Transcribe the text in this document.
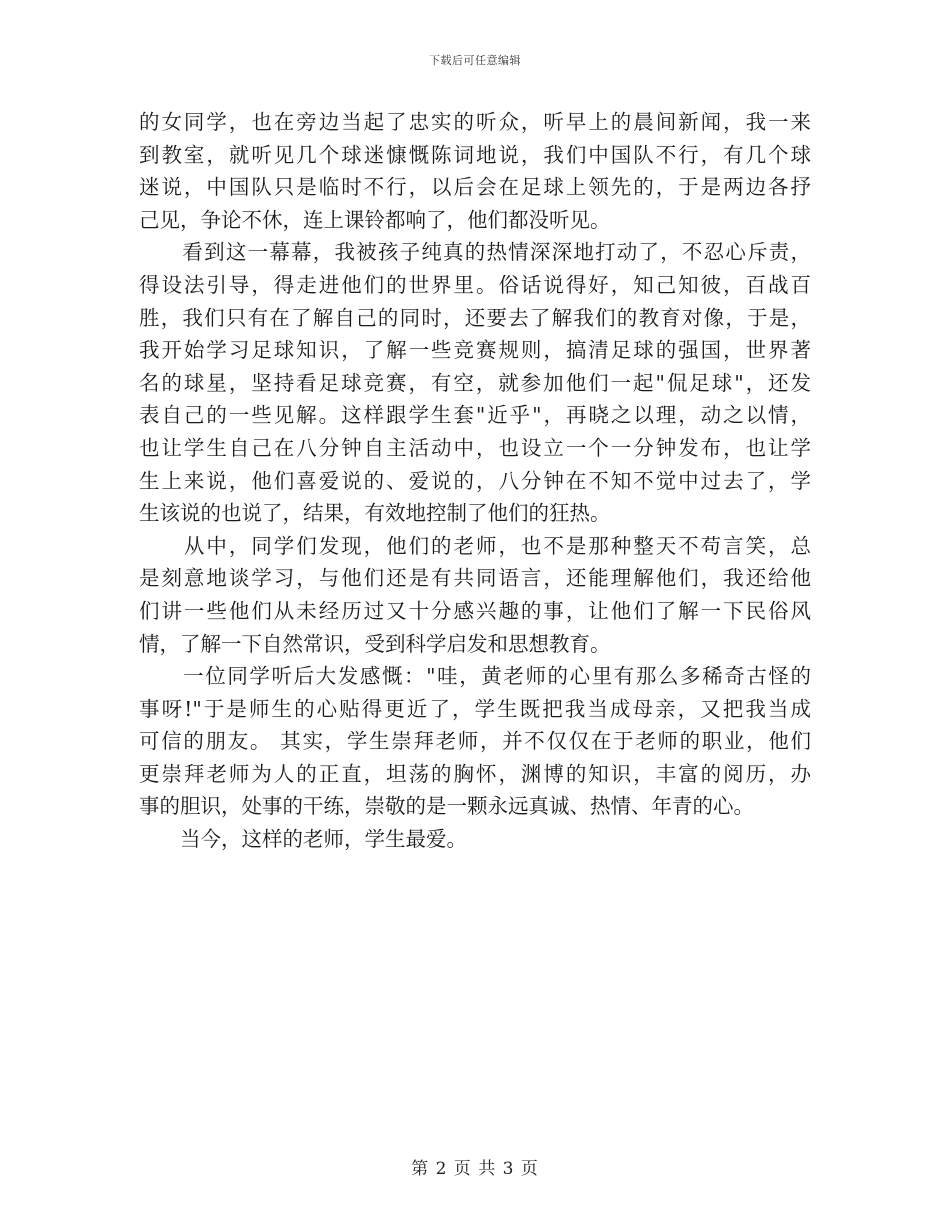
下载后可任意编辑
的女同学，也在旁边当起了忠实的听众，听早上的晨间新闻，我一来
到教室，就听见几个球迷慷慨陈词地说，我们中国队不行，有几个球
迷说，中国队只是临时不行，以后会在足球上领先的，于是两边各抒
己见，争论不休，连上课铃都响了，他们都没听见。
　　看到这一幕幕，我被孩子纯真的热情深深地打动了，不忍心斥责，
得设法引导，得走进他们的世界里。俗话说得好，知己知彼，百战百
胜，我们只有在了解自己的同时，还要去了解我们的教育对像，于是，
我开始学习足球知识，了解一些竞赛规则，搞清足球的强国，世界著
名的球星，坚持看足球竞赛，有空，就参加他们一起"侃足球"，还发
表自己的一些见解。这样跟学生套"近乎"，再晓之以理，动之以情，
也让学生自己在八分钟自主活动中，也设立一个一分钟发布，也让学
生上来说，他们喜爱说的、爱说的，八分钟在不知不觉中过去了，学
生该说的也说了，结果，有效地控制了他们的狂热。
　　从中，同学们发现，他们的老师，也不是那种整天不苟言笑，总
是刻意地谈学习，与他们还是有共同语言，还能理解他们，我还给他
们讲一些他们从未经历过又十分感兴趣的事，让他们了解一下民俗风
情，了解一下自然常识，受到科学启发和思想教育。
　　一位同学听后大发感慨："哇，黄老师的心里有那么多稀奇古怪的
事呀!"于是师生的心贴得更近了，学生既把我当成母亲，又把我当成
可信的朋友。 其实，学生崇拜老师，并不仅仅在于老师的职业，他们
更崇拜老师为人的正直，坦荡的胸怀，渊博的知识，丰富的阅历，办
事的胆识，处事的干练，崇敬的是一颗永远真诚、热情、年青的心。
　　当今，这样的老师，学生最爱。
第 2 页 共 3 页
